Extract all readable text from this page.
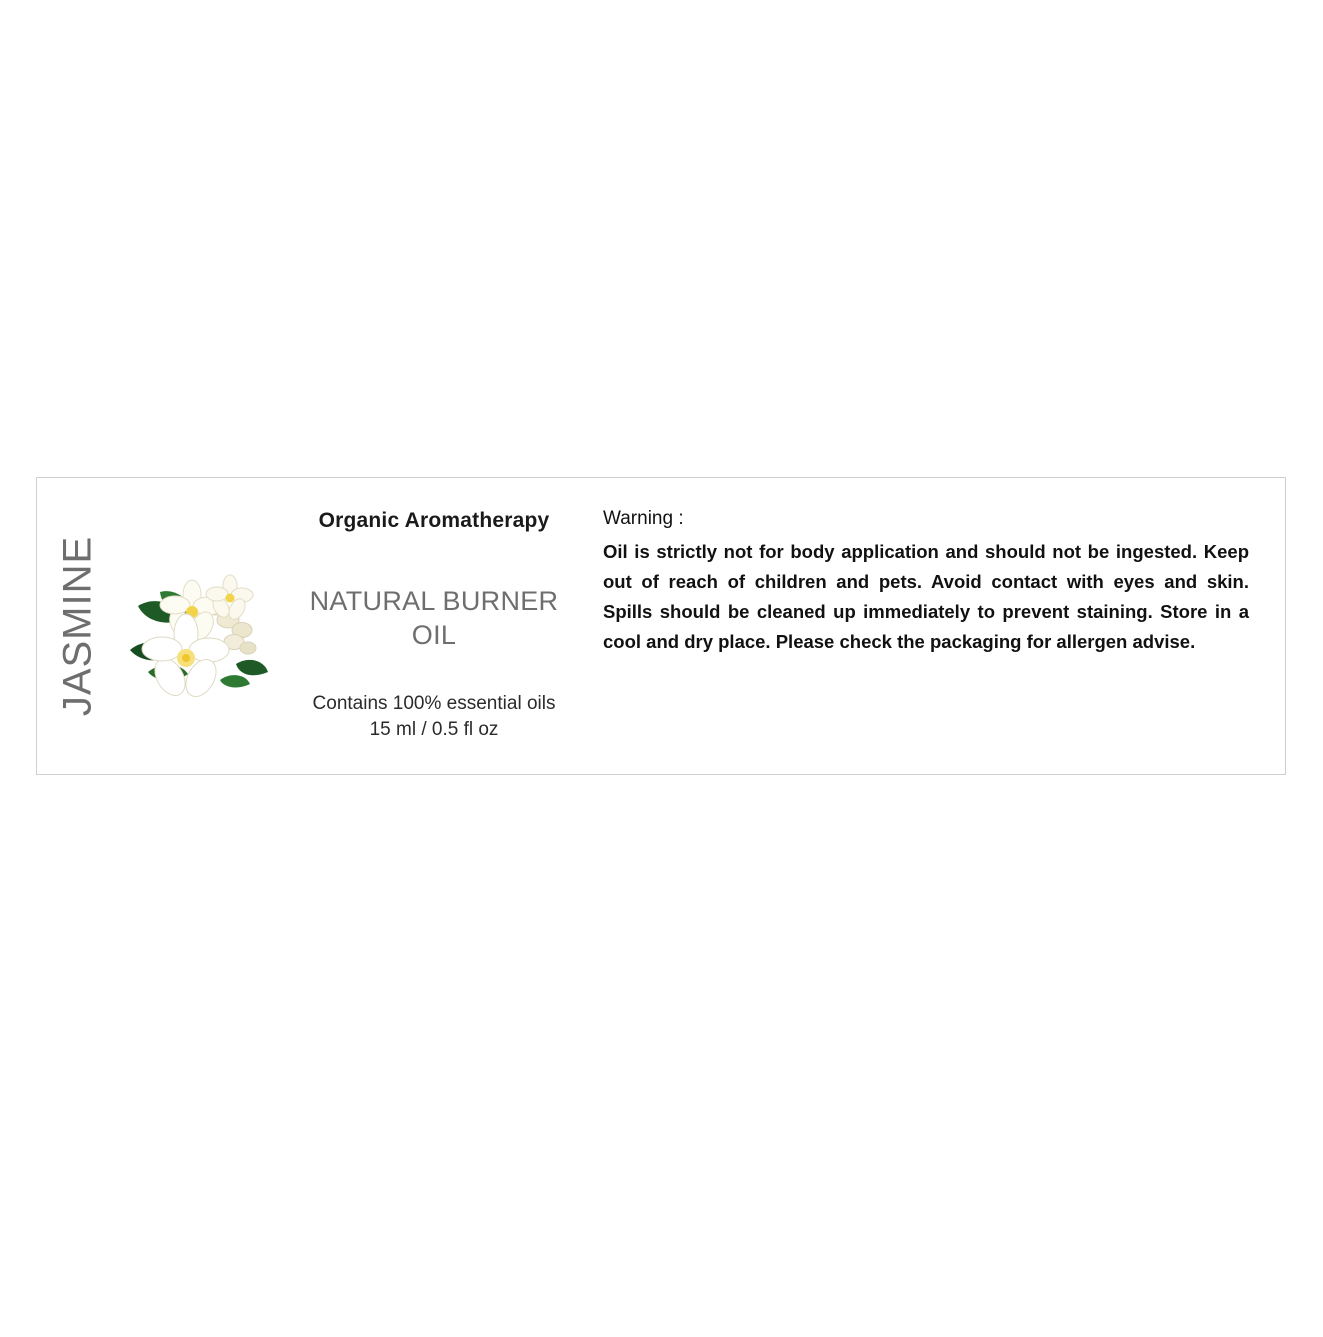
JASMINE
Organic Aromatherapy
NATURAL BURNER OIL
Contains 100% essential oils
15 ml / 0.5 fl oz
Warning :
Oil is strictly not for body application and should not be ingested. Keep out of reach of children and pets. Avoid contact with eyes and skin. Spills should be cleaned up immediately to prevent staining. Store in a cool and dry place. Please check the packaging for allergen advise.
